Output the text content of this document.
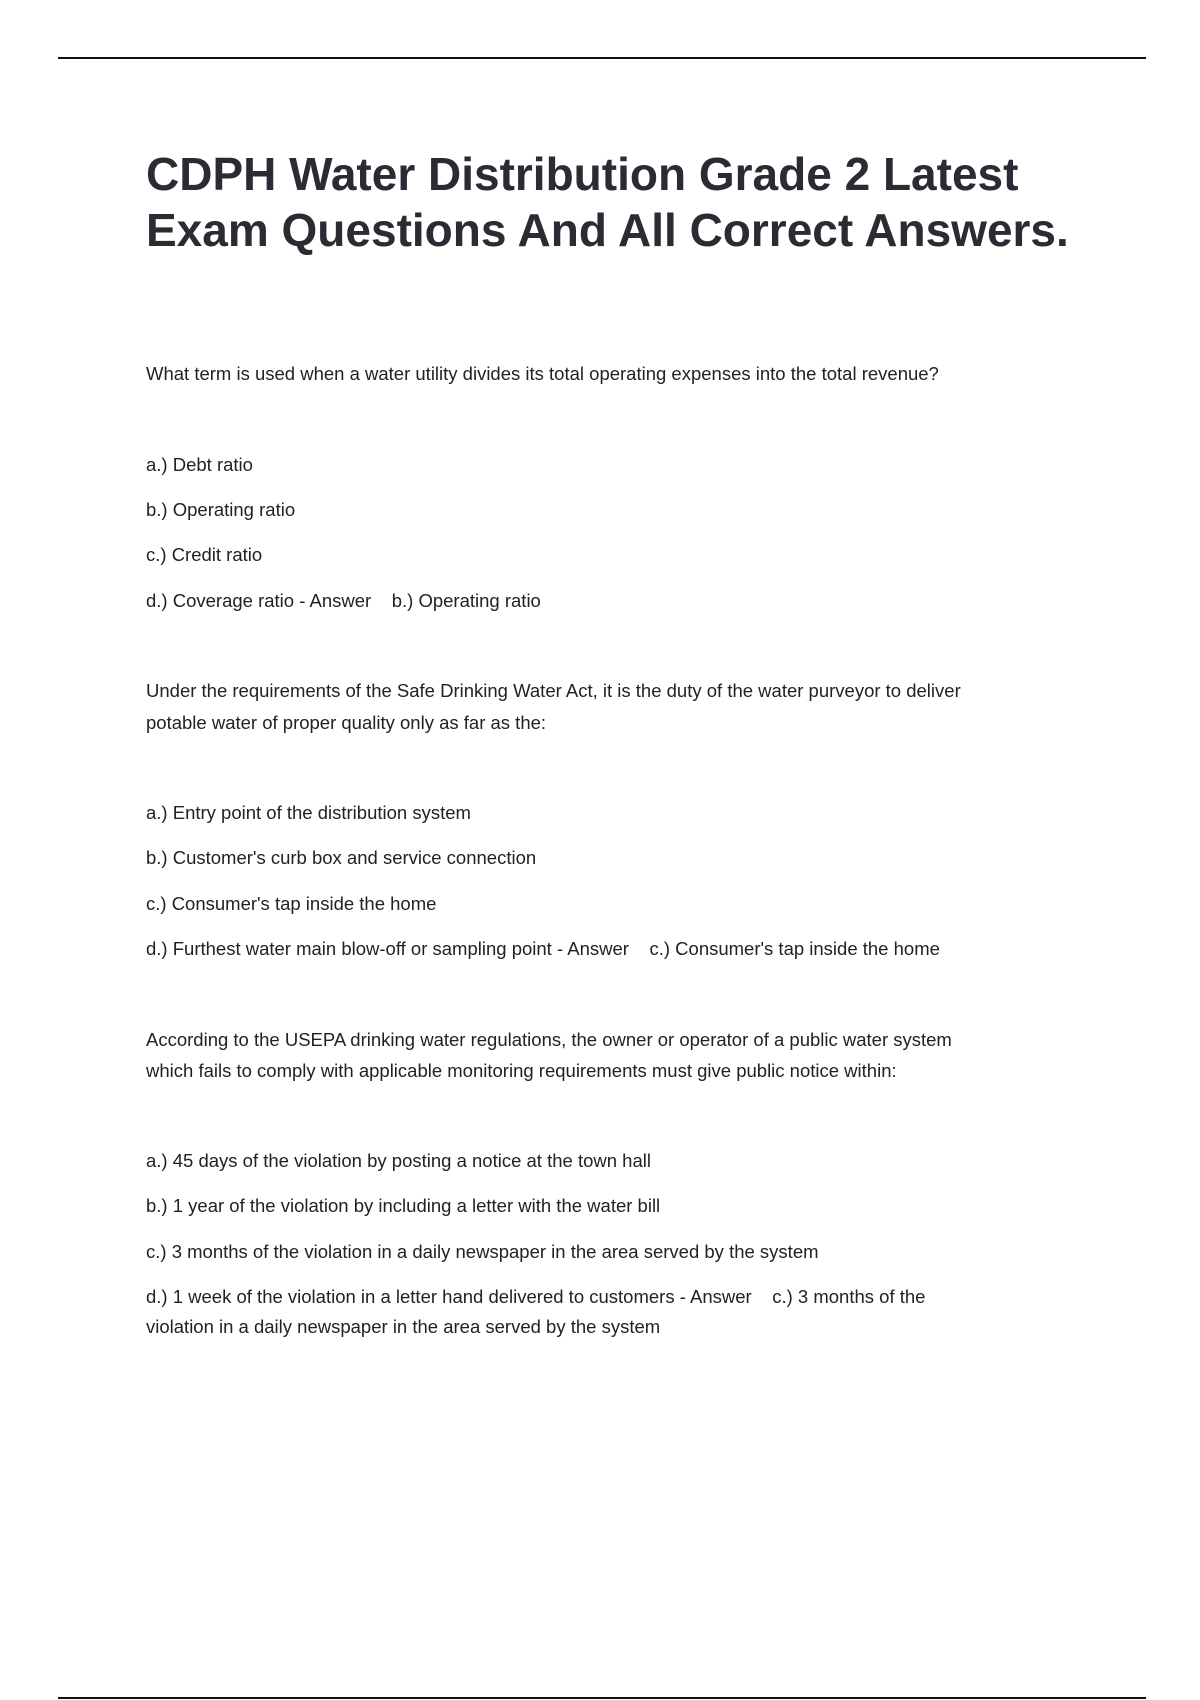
CDPH Water Distribution Grade 2 Latest Exam Questions And All Correct Answers.
What term is used when a water utility divides its total operating expenses into the total revenue?
a.) Debt ratio
b.) Operating ratio
c.) Credit ratio
d.) Coverage ratio - Answer    b.) Operating ratio
Under the requirements of the Safe Drinking Water Act, it is the duty of the water purveyor to deliver
potable water of proper quality only as far as the:
a.) Entry point of the distribution system
b.) Customer's curb box and service connection
c.) Consumer's tap inside the home
d.) Furthest water main blow-off or sampling point - Answer    c.) Consumer's tap inside the home
According to the USEPA drinking water regulations, the owner or operator of a public water system
which fails to comply with applicable monitoring requirements must give public notice within:
a.) 45 days of the violation by posting a notice at the town hall
b.) 1 year of the violation by including a letter with the water bill
c.) 3 months of the violation in a daily newspaper in the area served by the system
d.) 1 week of the violation in a letter hand delivered to customers - Answer    c.) 3 months of the
violation in a daily newspaper in the area served by the system
